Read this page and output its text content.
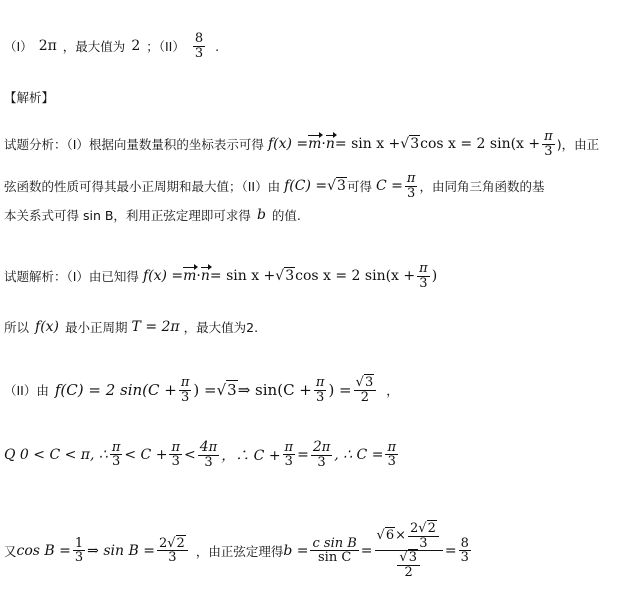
（I） 2π ，最大值为 2 ；$(II) \frac{8}{3}$ .
【解析】
试题分析：（I）根据向量数量积的坐标表示可得 f(x) = m · n = sin x + √3 cos x = 2 $\sin(x + \frac{\pi}{3}$ )，由正
弦函数的性质可得其最小正周期和最大值；（II）由 f(C) = √3 可得 $C = \frac{\pi}{3}$ ，由同角三角函数的基
本关系式可得 sin B，利用正弦定理即可求得 b 的值.
试题解析：（I）由已知得 f(x) = m · n = sin x + √3 cos x = 2 $\sin(x + \frac{\pi}{3}$ )
所以 f(x) 最小正周期 T = 2π ，最大值为2.
（II）由 f(C) = 2 $\sin(C + \frac{\pi}{3}$ ) = √3 ⇒ $\sin(C + \frac{\pi}{3}$ ) = $\frac{√3}{2}$ ，
Q 0 < C < π, ∴ $\frac{\pi}{3} < C + \frac{\pi}{3} < \frac{4\pi}{3}$ ，∴ $C + \frac{\pi}{3} = \frac{2\pi}{3}$ , ∴ $C = \frac{\pi}{3}$
又 $\cos B = \frac{1}{3}$ ⇒ $\sin B = \frac{2√2}{3}$ ，由正弦定理得 $b = \frac{\text{c sin B}}{\text{sin C}} = \frac{√6 \times \frac{2√2}{3}}{\frac{√3}{2}} = \frac{8}{3}$
